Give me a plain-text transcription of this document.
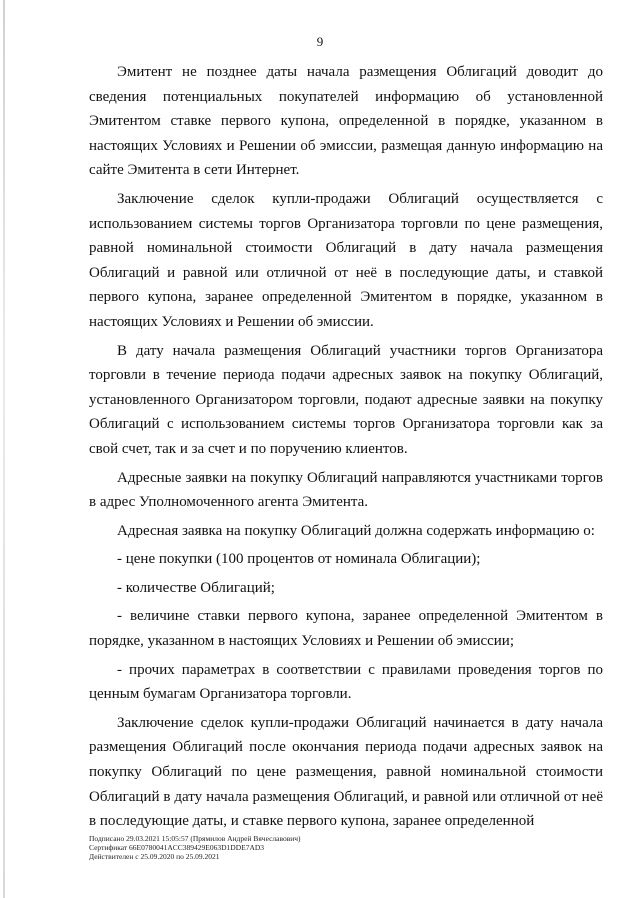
9

Эмитент не позднее даты начала размещения Облигаций доводит до сведения потенциальных покупателей информацию об установленной Эмитентом ставке первого купона, определенной в порядке, указанном в настоящих Условиях и Решении об эмиссии, размещая данную информацию на сайте Эмитента в сети Интернет.

Заключение сделок купли-продажи Облигаций осуществляется с использованием системы торгов Организатора торговли по цене размещения, равной номинальной стоимости Облигаций в дату начала размещения Облигаций и равной или отличной от неё в последующие даты, и ставкой первого купона, заранее определенной Эмитентом в порядке, указанном в настоящих Условиях и Решении об эмиссии.

В дату начала размещения Облигаций участники торгов Организатора торговли в течение периода подачи адресных заявок на покупку Облигаций, установленного Организатором торговли, подают адресные заявки на покупку Облигаций с использованием системы торгов Организатора торговли как за свой счет, так и за счет и по поручению клиентов.

Адресные заявки на покупку Облигаций направляются участниками торгов в адрес Уполномоченного агента Эмитента.

Адресная заявка на покупку Облигаций должна содержать информацию о:

- цене покупки (100 процентов от номинала Облигации);

- количестве Облигаций;

- величине ставки первого купона, заранее определенной Эмитентом в порядке, указанном в настоящих Условиях и Решении об эмиссии;

- прочих параметрах в соответствии с правилами проведения торгов по ценным бумагам Организатора торговли.

Заключение сделок купли-продажи Облигаций начинается в дату начала размещения Облигаций после окончания периода подачи адресных заявок на покупку Облигаций по цене размещения, равной номинальной стоимости Облигаций в дату начала размещения Облигаций, и равной или отличной от неё в последующие даты, и ставке первого купона, заранее определенной

Подписано 29.03.2021 15:05:57 (Прямилов Андрей Вячеславович)
Сертификат 66E0780041ACC389429E063D1DDE7AD3
Действителен с 25.09.2020 по 25.09.2021
